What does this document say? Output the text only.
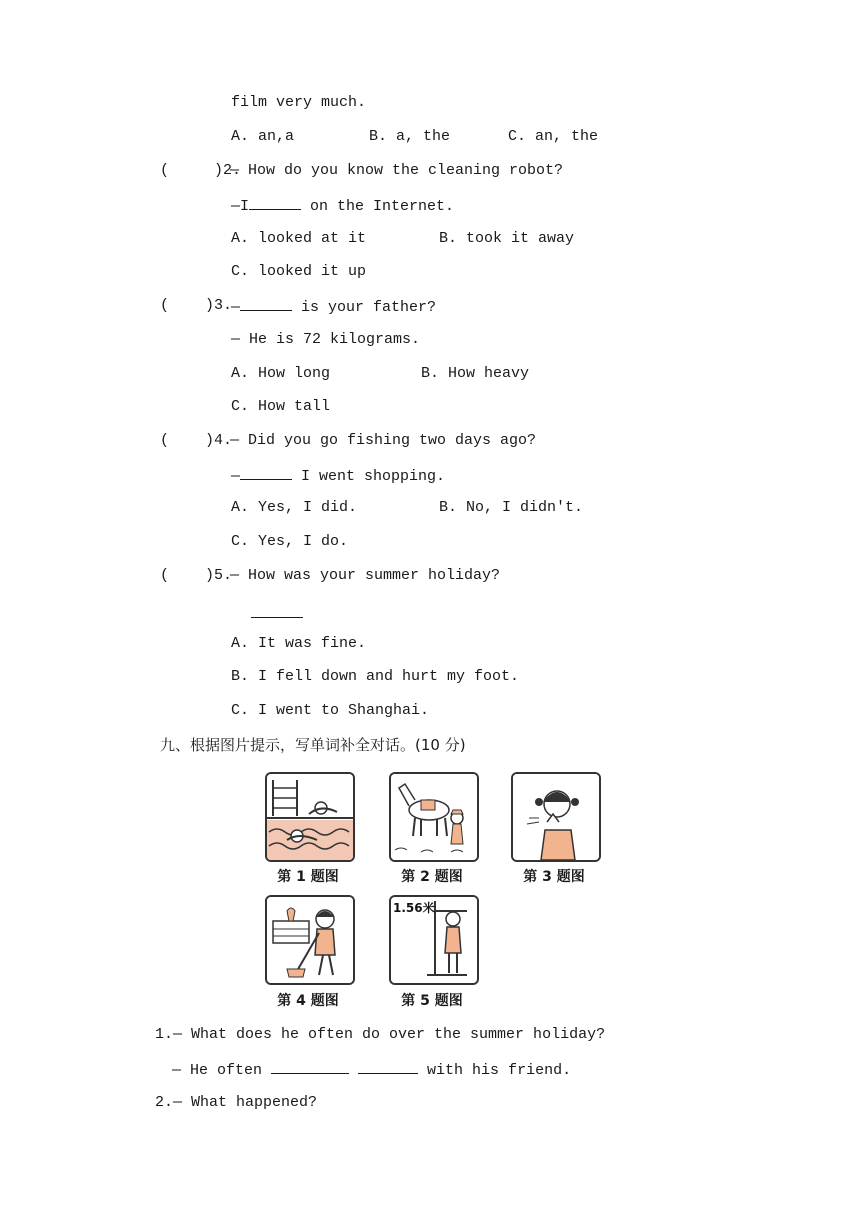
film very much.
A. an,a	B. a, the	C. an, the
(     )2.
— How do you know the cleaning robot?
—I	on the Internet.
A. looked at it	B. took it away
C. looked it up
(    )3.
—	is your father?
— He is 72 kilograms.
A. How long	B. How heavy
C. How tall
(    )4.
— Did you go fishing two days ago?
—	I went shopping.
A. Yes, I did.	B. No, I didn't.
C. Yes, I do.
(    )5.
— How was your summer holiday?
A. It was fine.
B. I fell down and hurt my foot.
C. I went to Shanghai.
九、根据图片提示，写单词补全对话。(10 分)
第 1 题图	第 2 题图	第 3 题图
第 4 题图
1.56米
第 5 题图
1.— What does he often do over the summer holiday?
— He often	with his friend.
2.— What happened?
